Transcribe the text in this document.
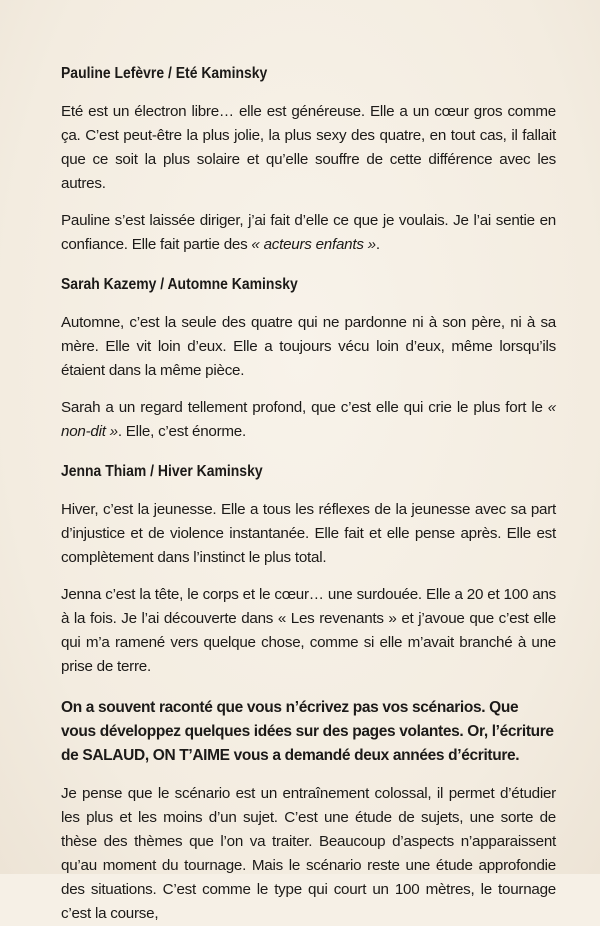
Pauline Lefèvre / Eté Kaminsky

Eté est un électron libre… elle est généreuse. Elle a un cœur gros comme ça. C’est peut-être la plus jolie, la plus sexy des quatre, en tout cas, il fallait que ce soit la plus solaire et qu’elle souffre de cette différence avec les autres.

Pauline s’est laissée diriger, j’ai fait d’elle ce que je voulais. Je l’ai sentie en confiance. Elle fait partie des « acteurs enfants ».

Sarah Kazemy / Automne Kaminsky

Automne, c’est la seule des quatre qui ne pardonne ni à son père, ni à sa mère. Elle vit loin d’eux. Elle a toujours vécu loin d’eux, même lorsqu’ils étaient dans la même pièce.

Sarah a un regard tellement profond, que c’est elle qui crie le plus fort le « non-dit ». Elle, c’est énorme.

Jenna Thiam / Hiver Kaminsky

Hiver, c’est la jeunesse. Elle a tous les réflexes de la jeunesse avec sa part d’injustice et de violence instantanée. Elle fait et elle pense après. Elle est complètement dans l’instinct le plus total.

Jenna c’est la tête, le corps et le cœur… une surdouée. Elle a 20 et 100 ans à la fois. Je l’ai découverte dans « Les revenants » et j’avoue que c’est elle qui m’a ramené vers quelque chose, comme si elle m’avait branché à une prise de terre.

On a souvent raconté que vous n’écrivez pas vos scénarios. Que vous développez quelques idées sur des pages volantes. Or, l’écriture de SALAUD, ON T’AIME vous a demandé deux années d’écriture.

Je pense que le scénario est un entraînement colossal, il permet d’étudier les plus et les moins d’un sujet. C’est une étude de sujets, une sorte de thèse des thèmes que l’on va traiter. Beaucoup d’aspects n’apparaissent qu’au moment du tournage. Mais le scénario reste une étude approfondie des situations. C’est comme le type qui court un 100 mètres, le tournage c’est la course,
